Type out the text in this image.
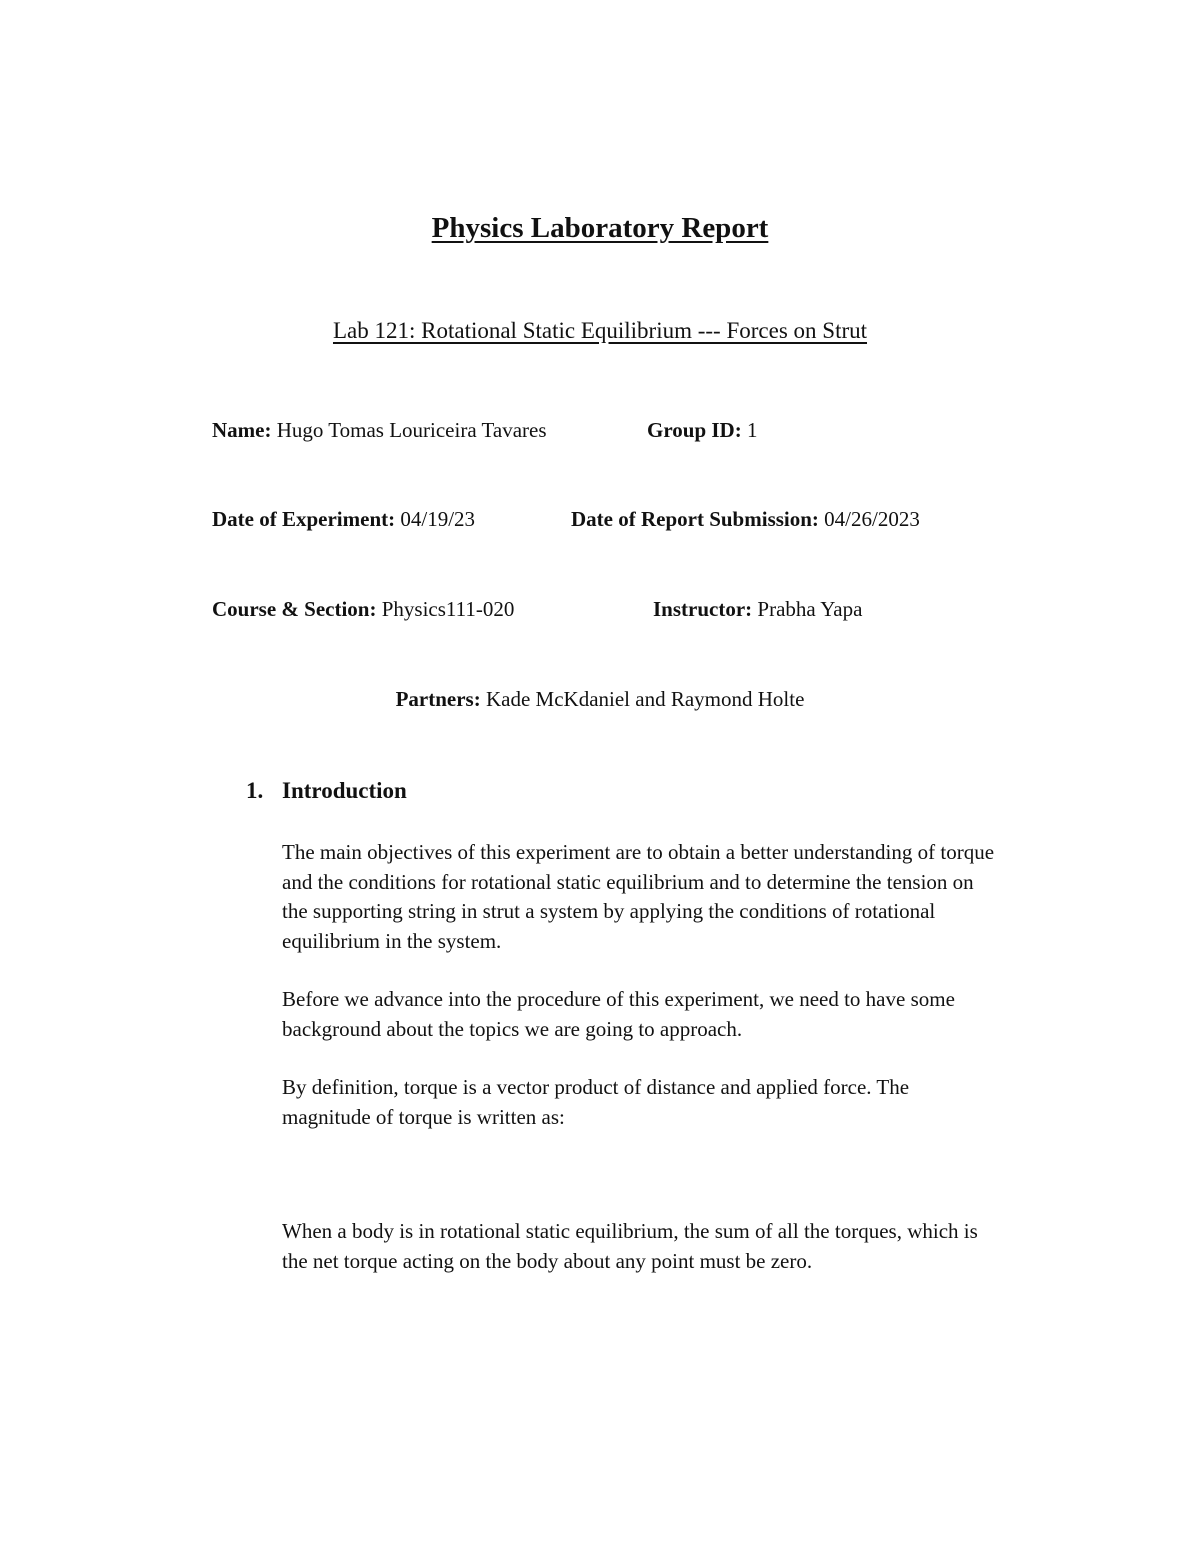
Physics Laboratory Report
Lab 121: Rotational Static Equilibrium --- Forces on Strut
Name: Hugo Tomas Louriceira Tavares	Group ID: 1
Date of Experiment: 04/19/23	Date of Report Submission: 04/26/2023
Course & Section: Physics111-020	Instructor: Prabha Yapa
Partners: Kade McKdaniel and Raymond Holte
1. Introduction
The main objectives of this experiment are to obtain a better understanding of torque and the conditions for rotational static equilibrium and to determine the tension on the supporting string in strut a system by applying the conditions of rotational equilibrium in the system.
Before we advance into the procedure of this experiment, we need to have some background about the topics we are going to approach.
By definition, torque is a vector product of distance and applied force. The magnitude of torque is written as:
When a body is in rotational static equilibrium, the sum of all the torques, which is the net torque acting on the body about any point must be zero.
